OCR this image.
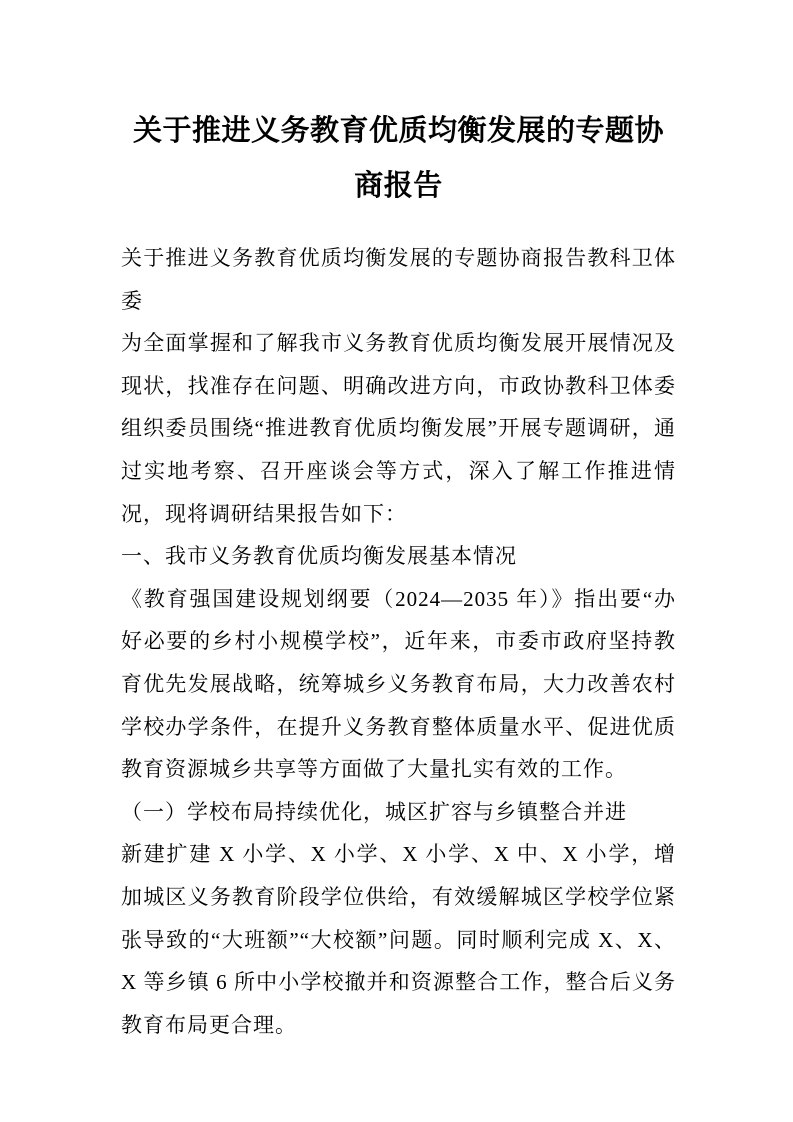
关于推进义务教育优质均衡发展的专题协商报告

关于推进义务教育优质均衡发展的专题协商报告教科卫体委

为全面掌握和了解我市义务教育优质均衡发展开展情况及现状，找准存在问题、明确改进方向，市政协教科卫体委组织委员围绕“推进教育优质均衡发展”开展专题调研，通过实地考察、召开座谈会等方式，深入了解工作推进情况，现将调研结果报告如下：

一、我市义务教育优质均衡发展基本情况

《教育强国建设规划纲要（2024—2035 年）》指出要“办好必要的乡村小规模学校”，近年来，市委市政府坚持教育优先发展战略，统筹城乡义务教育布局，大力改善农村学校办学条件，在提升义务教育整体质量水平、促进优质教育资源城乡共享等方面做了大量扎实有效的工作。

（一）学校布局持续优化，城区扩容与乡镇整合并进

新建扩建 X 小学、X 小学、X 小学、X 中、X 小学，增加城区义务教育阶段学位供给，有效缓解城区学校学位紧张导致的“大班额”“大校额”问题。同时顺利完成 X、X、X 等乡镇 6 所中小学校撤并和资源整合工作，整合后义务教育布局更合理。
